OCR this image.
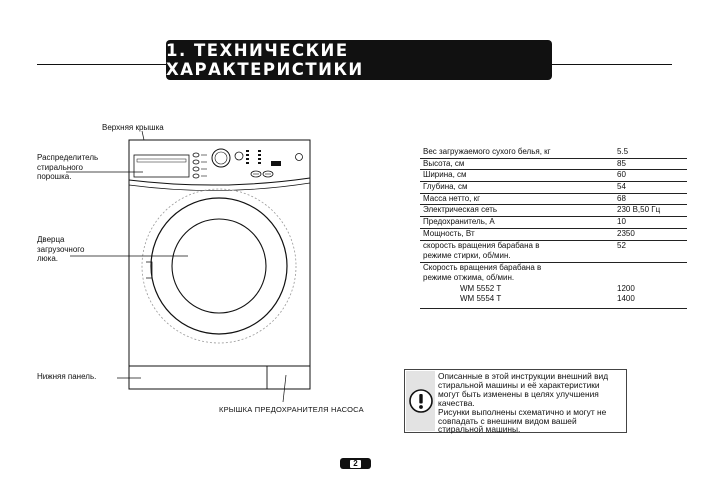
1. ТЕХНИЧЕСКИЕ ХАРАКТЕРИСТИКИ
Верхняя крышка
Распределитель
стирального
порошка.
Дверца
загрузочного
люка.
Нижняя панель.
КРЫШКА ПРЕДОХРАНИТЕЛЯ НАСОСА
Вес загружаемого сухого белья, кг	5.5
Высота, см	85
Ширина, см	60
Глубина, см	54
Масса нетто, кг	68
Электрическая сеть	230 В,50 Гц
Предохранитель, А	10
Мощность, Вт	2350

скорость вращения барабана в
режиме стирки, об/мин.	52

Скорость вращения барабана в
режиме отжима, об/мин.	

WM 5552 T	1200
WM 5554 T	1400
Описанные в этой инструкции внешний вид
стиральной машины и её характеристики
могут быть изменены в целях улучшения
качества.
Рисунки выполнены схематично и могут не
совпадать с внешним видом вашей
стиральной машины.
2
